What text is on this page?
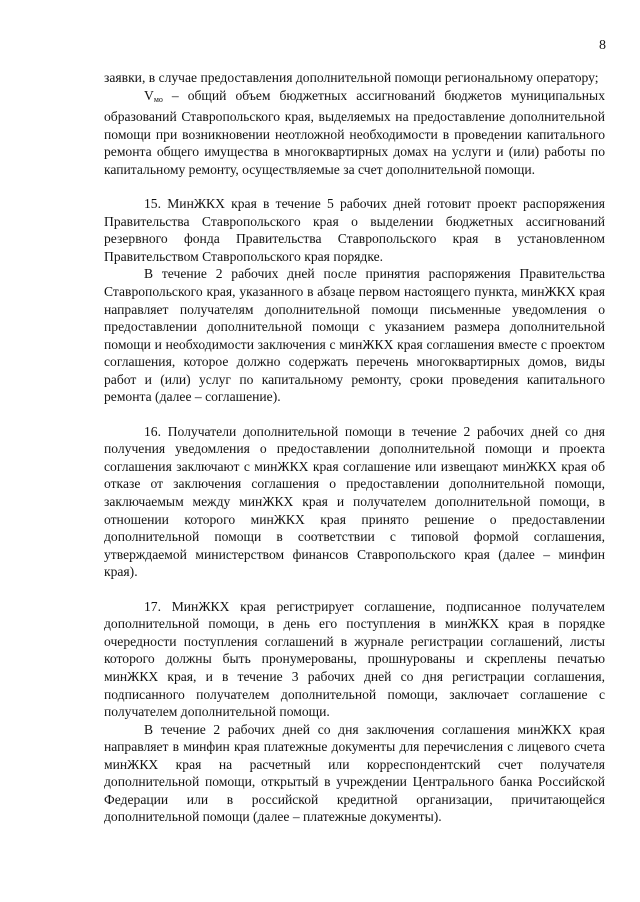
8

заявки, в случае предоставления дополнительной помощи региональному оператору;

$V_{мо}$ – общий объем бюджетных ассигнований бюджетов муниципальных образований Ставропольского края, выделяемых на предоставление дополнительной помощи при возникновении неотложной необходимости в проведении капитального ремонта общего имущества в многоквартирных домах на услуги и (или) работы по капитальному ремонту, осуществляемые за счет дополнительной помощи.

15. МинЖКХ края в течение 5 рабочих дней готовит проект распоряжения Правительства Ставропольского края о выделении бюджетных ассигнований резервного фонда Правительства Ставропольского края в установленном Правительством Ставропольского края порядке.

В течение 2 рабочих дней после принятия распоряжения Правительства Ставропольского края, указанного в абзаце первом настоящего пункта, минЖКХ края направляет получателям дополнительной помощи письменные уведомления о предоставлении дополнительной помощи с указанием размера дополнительной помощи и необходимости заключения с минЖКХ края соглашения вместе с проектом соглашения, которое должно содержать перечень многоквартирных домов, виды работ и (или) услуг по капитальному ремонту, сроки проведения капитального ремонта (далее – соглашение).

16. Получатели дополнительной помощи в течение 2 рабочих дней со дня получения уведомления о предоставлении дополнительной помощи и проекта соглашения заключают с минЖКХ края соглашение или извещают минЖКХ края об отказе от заключения соглашения о предоставлении дополнительной помощи, заключаемым между минЖКХ края и получателем дополнительной помощи, в отношении которого минЖКХ края принято решение о предоставлении дополнительной помощи в соответствии с типовой формой соглашения, утверждаемой министерством финансов Ставропольского края (далее – минфин края).

17. МинЖКХ края регистрирует соглашение, подписанное получателем дополнительной помощи, в день его поступления в минЖКХ края в порядке очередности поступления соглашений в журнале регистрации соглашений, листы которого должны быть пронумерованы, прошнурованы и скреплены печатью минЖКХ края, и в течение 3 рабочих дней со дня регистрации соглашения, подписанного получателем дополнительной помощи, заключает соглашение с получателем дополнительной помощи.

В течение 2 рабочих дней со дня заключения соглашения минЖКХ края направляет в минфин края платежные документы для перечисления с лицевого счета минЖКХ края на расчетный или корреспондентский счет получателя дополнительной помощи, открытый в учреждении Центрального банка Российской Федерации или в российской кредитной организации, причитающейся дополнительной помощи (далее – платежные документы).
